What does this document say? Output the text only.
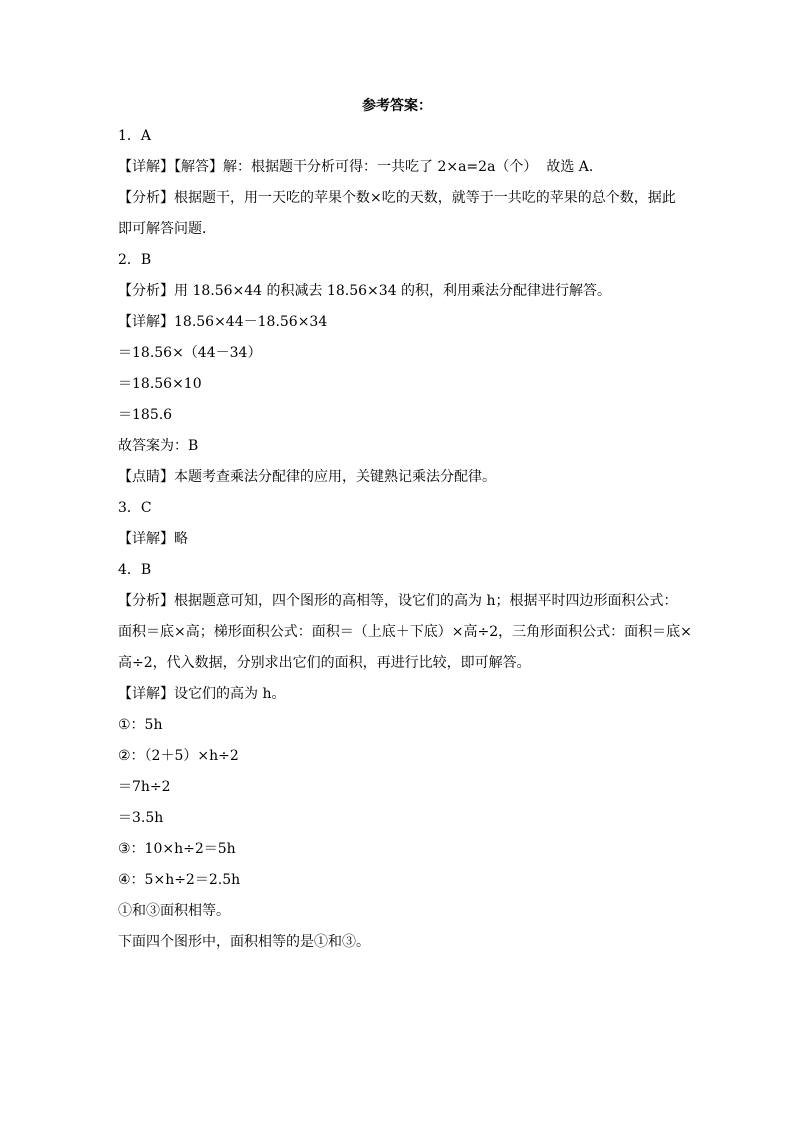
参考答案：

1．A

【详解】【解答】解：根据题干分析可得：一共吃了 2×a=2a（个）  故选 A．

【分析】根据题干，用一天吃的苹果个数×吃的天数，就等于一共吃的苹果的总个数，据此

即可解答问题．

2．B

【分析】用 18.56×44 的积减去 18.56×34 的积，利用乘法分配律进行解答。

【详解】18.56×44－18.56×34

＝18.56×（44－34）

＝18.56×10

＝185.6

故答案为：B

【点睛】本题考查乘法分配律的应用，关键熟记乘法分配律。

3．C

【详解】略

4．B

【分析】根据题意可知，四个图形的高相等，设它们的高为 h；根据平时四边形面积公式：

面积＝底×高；梯形面积公式：面积＝（上底＋下底）×高÷2，三角形面积公式：面积＝底×

高÷2，代入数据，分别求出它们的面积，再进行比较，即可解答。

【详解】设它们的高为 h。

①：5h

②：（2＋5）×h÷2

＝7h÷2

＝3.5h

③：10×h÷2＝5h

④：5×h÷2＝2.5h

①和③面积相等。

下面四个图形中，面积相等的是①和③。
